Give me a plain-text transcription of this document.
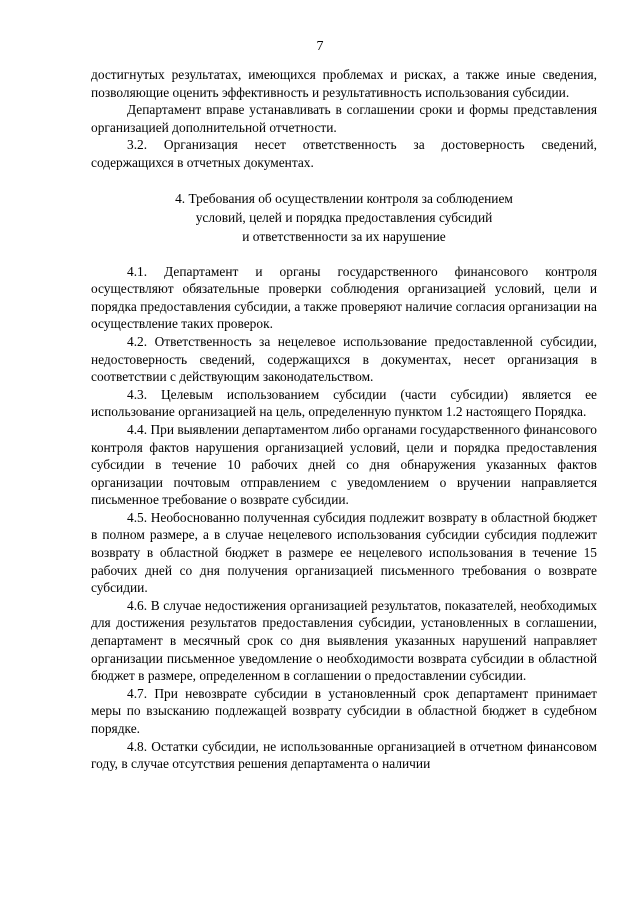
7

достигнутых результатах, имеющихся проблемах и рисках, а также иные сведения, позволяющие оценить эффективность и результативность использования субсидии.

Департамент вправе устанавливать в соглашении сроки и формы представления организацией дополнительной отчетности.

3.2. Организация несет ответственность за достоверность сведений, содержащихся в отчетных документах.

4. Требования об осуществлении контроля за соблюдением
условий, целей и порядка предоставления субсидий
и ответственности за их нарушение

4.1. Департамент и органы государственного финансового контроля осуществляют обязательные проверки соблюдения организацией условий, цели и порядка предоставления субсидии, а также проверяют наличие согласия организации на осуществление таких проверок.

4.2. Ответственность за нецелевое использование предоставленной субсидии, недостоверность сведений, содержащихся в документах, несет организация в соответствии с действующим законодательством.

4.3. Целевым использованием субсидии (части субсидии) является ее использование организацией на цель, определенную пунктом 1.2 настоящего Порядка.

4.4. При выявлении департаментом либо органами государственного финансового контроля фактов нарушения организацией условий, цели и порядка предоставления субсидии в течение 10 рабочих дней со дня обнаружения указанных фактов организации почтовым отправлением с уведомлением о вручении направляется письменное требование о возврате субсидии.

4.5. Необоснованно полученная субсидия подлежит возврату в областной бюджет в полном размере, а в случае нецелевого использования субсидии субсидия подлежит возврату в областной бюджет в размере ее нецелевого использования в течение 15 рабочих дней со дня получения организацией письменного требования о возврате субсидии.

4.6. В случае недостижения организацией результатов, показателей, необходимых для достижения результатов предоставления субсидии, установленных в соглашении, департамент в месячный срок со дня выявления указанных нарушений направляет организации письменное уведомление о необходимости возврата субсидии в областной бюджет в размере, определенном в соглашении о предоставлении субсидии.

4.7. При невозврате субсидии в установленный срок департамент принимает меры по взысканию подлежащей возврату субсидии в областной бюджет в судебном порядке.

4.8. Остатки субсидии, не использованные организацией в отчетном финансовом году, в случае отсутствия решения департамента о наличии
